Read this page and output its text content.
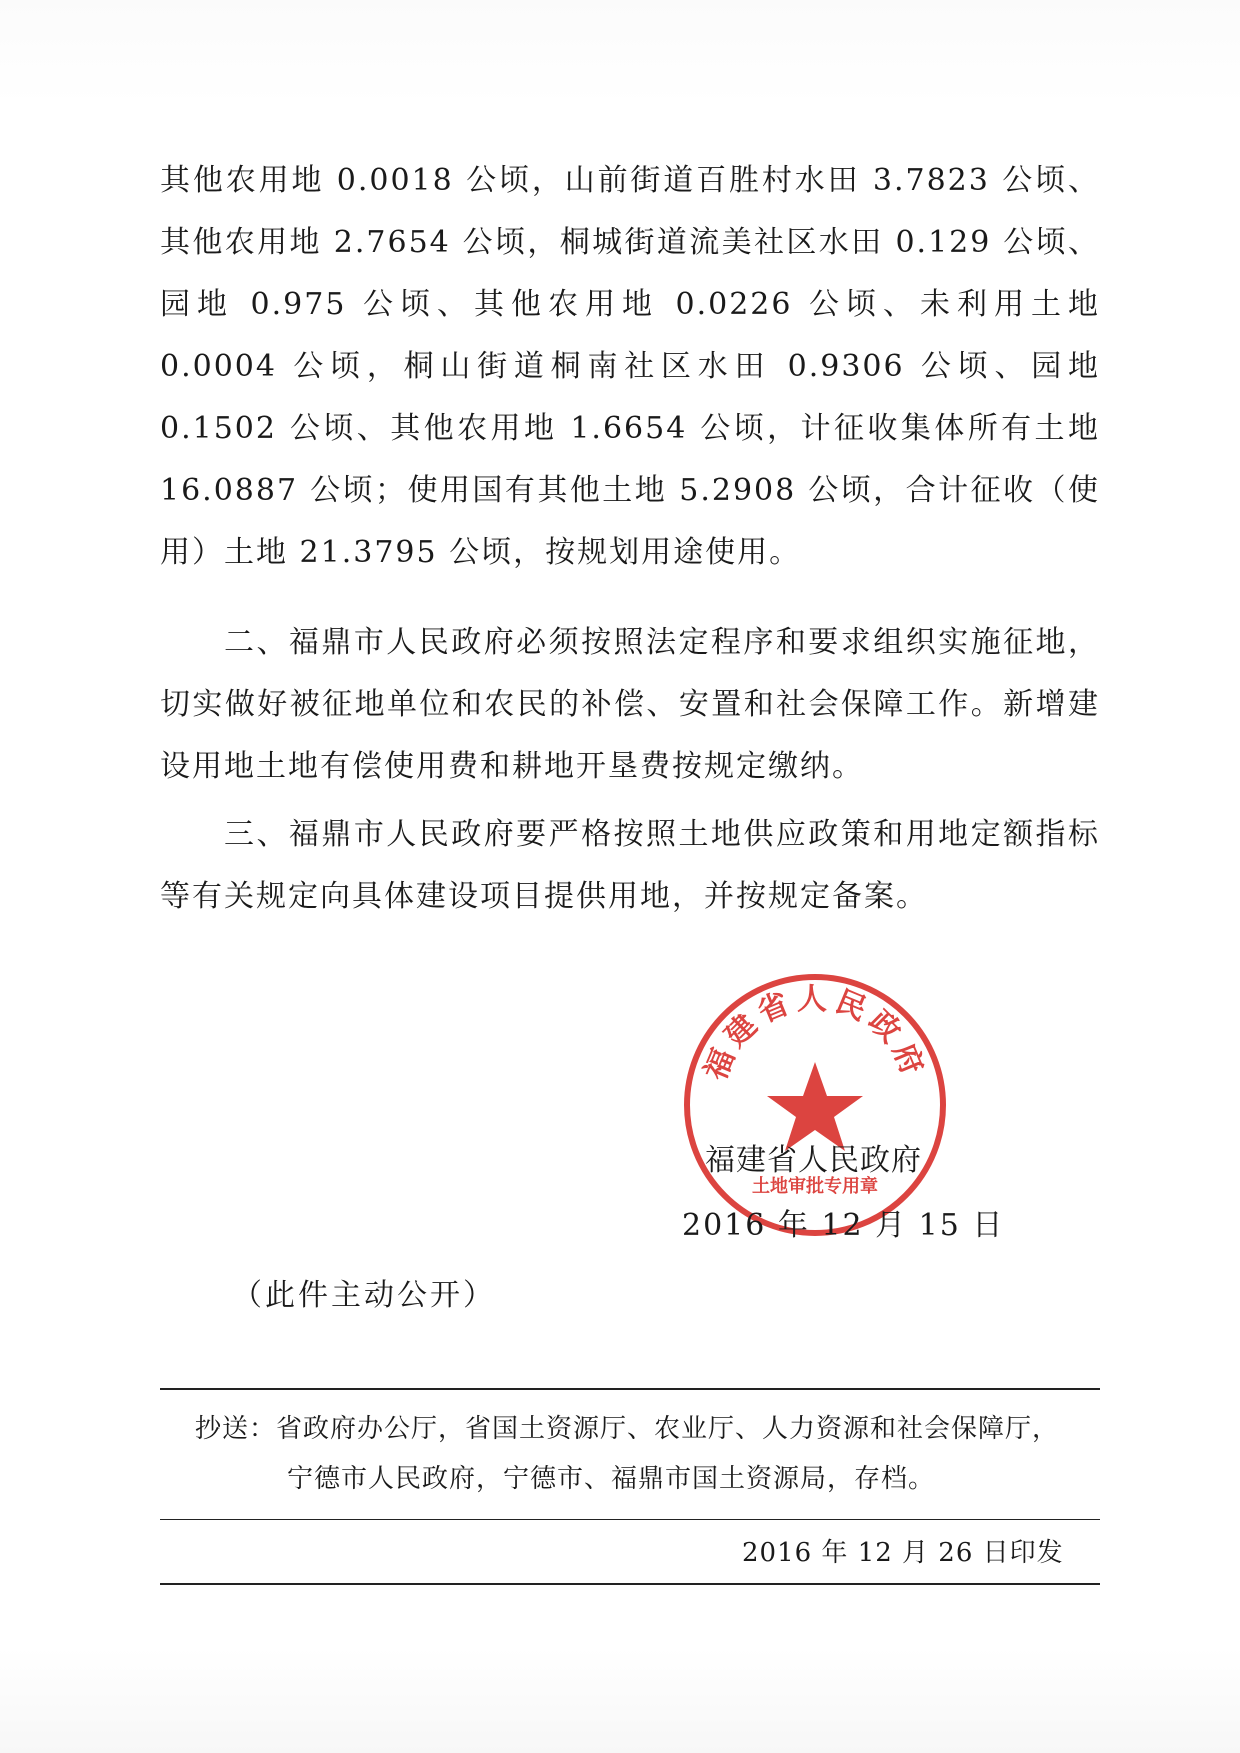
其他农用地 0.0018 公顷，山前街道百胜村水田 3.7823 公顷、其他农用地 2.7654 公顷，桐城街道流美社区水田 0.129 公顷、园地 0.975 公顷、其他农用地 0.0226 公顷、未利用土地 0.0004 公顷，桐山街道桐南社区水田 0.9306 公顷、园地 0.1502 公顷、其他农用地 1.6654 公顷，计征收集体所有土地 16.0887 公顷；使用国有其他土地 5.2908 公顷，合计征收（使用）土地 21.3795 公顷，按规划用途使用。

二、福鼎市人民政府必须按照法定程序和要求组织实施征地，切实做好被征地单位和农民的补偿、安置和社会保障工作。新增建设用地土地有偿使用费和耕地开垦费按规定缴纳。

三、福鼎市人民政府要严格按照土地供应政策和用地定额指标等有关规定向具体建设项目提供用地，并按规定备案。

福建省人民政府
土地审批专用章
福建省人民政府
2016 年 12 月 15 日
（此件主动公开）
抄送：省政府办公厅，省国土资源厅、农业厅、人力资源和社会保障厅，
宁德市人民政府，宁德市、福鼎市国土资源局，存档。
2016 年 12 月 26 日印发
